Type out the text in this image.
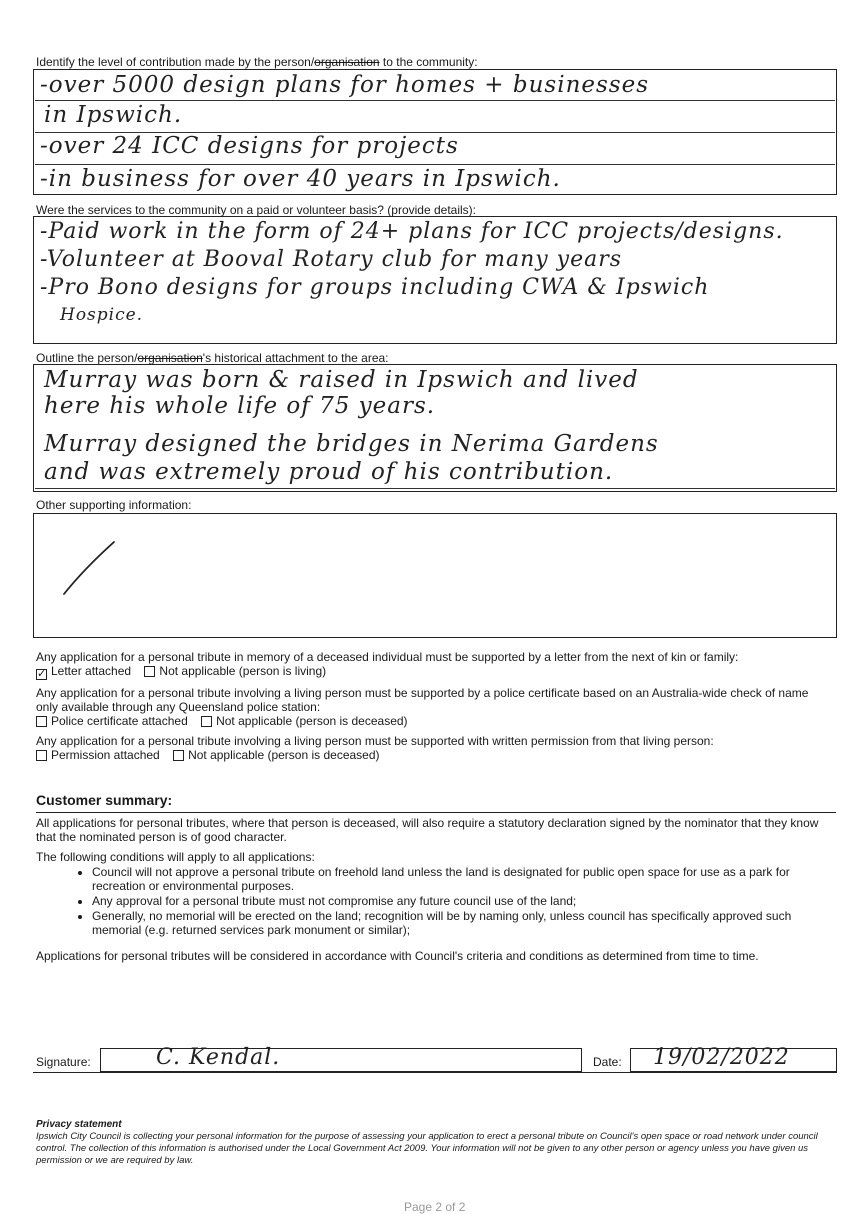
Identify the level of contribution made by the person/organisation to the community:
-over 5000 design plans for homes + businesses
in Ipswich.
-over 24 ICC designs for projects
-in business for over 40 years in Ipswich.
Were the services to the community on a paid or volunteer basis? (provide details):
-Paid work in the form of 24+ plans for ICC projects/designs.
-Volunteer at Booval Rotary club for many years
-Pro Bono designs for groups including CWA & Ipswich
Hospice.
Outline the person/organisation's historical attachment to the area:
Murray was born & raised in Ipswich and lived
here his whole life of 75 years.
Murray designed the bridges in Nerima Gardens
and was extremely proud of his contribution.
Other supporting information:
Any application for a personal tribute in memory of a deceased individual must be supported by a letter from the next of kin or family:
✓ Letter attached Not applicable (person is living)
Any application for a personal tribute involving a living person must be supported by a police certificate based on an Australia-wide check of name only available through any Queensland police station:
Police certificate attached Not applicable (person is deceased)
Any application for a personal tribute involving a living person must be supported with written permission from that living person:
Permission attached Not applicable (person is deceased)
Customer summary:
All applications for personal tributes, where that person is deceased, will also require a statutory declaration signed by the nominator that they know that the nominated person is of good character.
The following conditions will apply to all applications:
• Council will not approve a personal tribute on freehold land unless the land is designated for public open space for use as a park for recreation or environmental purposes.
• Any approval for a personal tribute must not compromise any future council use of the land;
• Generally, no memorial will be erected on the land; recognition will be by naming only, unless council has specifically approved such memorial (e.g. returned services park monument or similar);
Applications for personal tributes will be considered in accordance with Council's criteria and conditions as determined from time to time.
Signature:	C. Kendal.	Date: 19/02/2022
Privacy statement
Ipswich City Council is collecting your personal information for the purpose of assessing your application to erect a personal tribute on Council's open space or road network under council control. The collection of this information is authorised under the Local Government Act 2009. Your information will not be given to any other person or agency unless you have given us permission or we are required by law.
Page 2 of 2
